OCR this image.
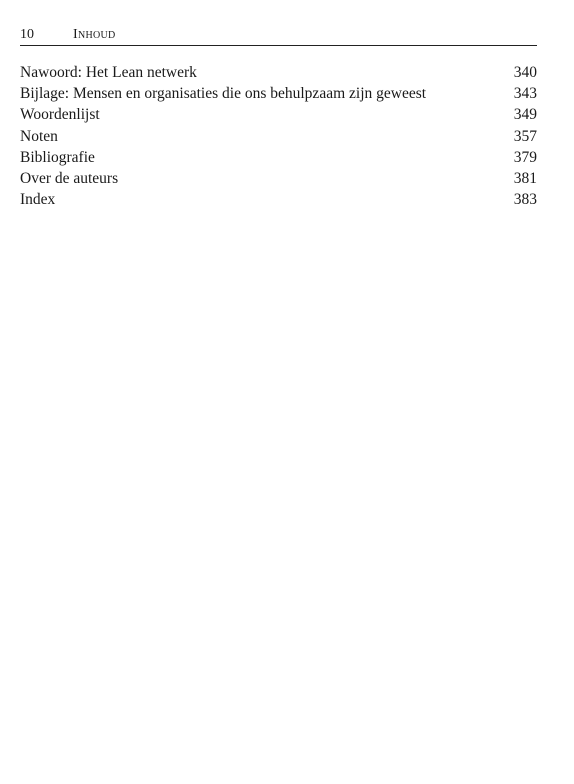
10	Inhoud
Nawoord: Het Lean netwerk	340
Bijlage: Mensen en organisaties die ons behulpzaam zijn geweest	343
Woordenlijst	349
Noten	357
Bibliografie	379
Over de auteurs	381
Index	383
